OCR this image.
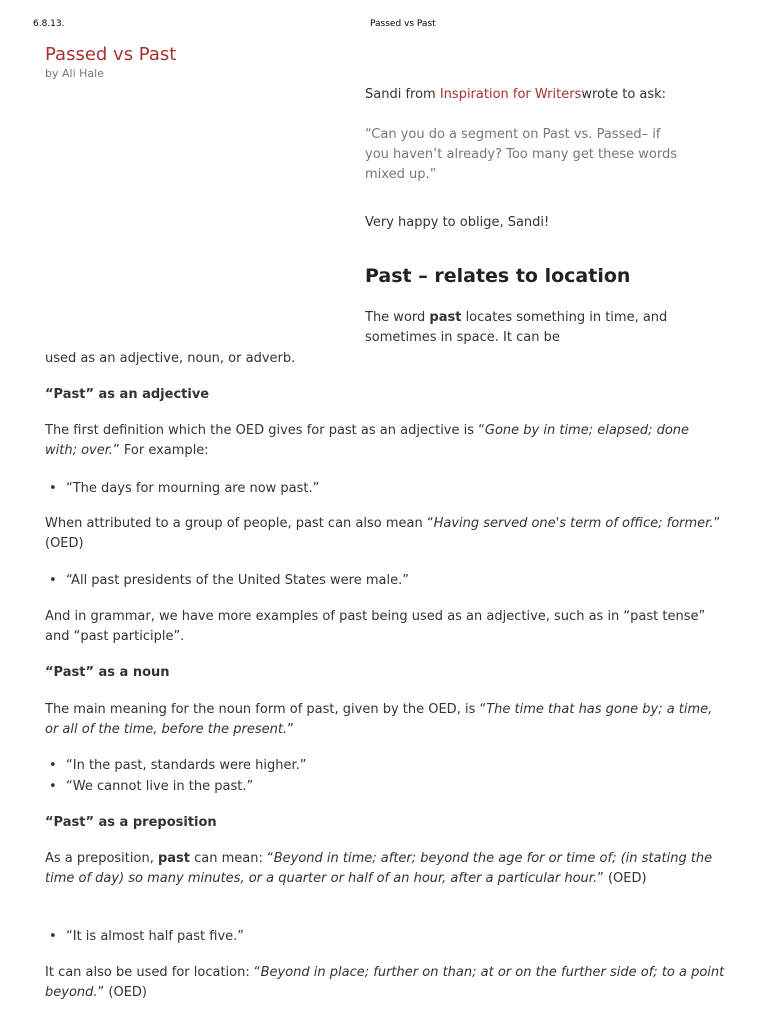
6.8.13.	Passed vs Past
Passed vs Past
by Ali Hale

Sandi from Inspiration for Writerswrote to ask:

“Can you do a segment on Past vs. Passed– if you haven’t already? Too many get these words mixed up.”

Very happy to oblige, Sandi!

Past – relates to location

The word past locates something in time, and sometimes in space. It can be

used as an adjective, noun, or adverb.

“Past” as an adjective

The first definition which the OED gives for past as an adjective is “Gone by in time; elapsed; done with; over.” For example:

• “The days for mourning are now past.”

When attributed to a group of people, past can also mean “Having served one's term of office; former.” (OED)

• “All past presidents of the United States were male.”

And in grammar, we have more examples of past being used as an adjective, such as in “past tense” and “past participle”.

“Past” as a noun

The main meaning for the noun form of past, given by the OED, is “The time that has gone by; a time, or all of the time, before the present.”

• “In the past, standards were higher.”
• “We cannot live in the past.”

“Past” as a preposition

As a preposition, past can mean: “Beyond in time; after; beyond the age for or time of; (in stating the time of day) so many minutes, or a quarter or half of an hour, after a particular hour.” (OED)

• “It is almost half past five.”

It can also be used for location: “Beyond in place; further on than; at or on the further side of; to a point beyond.” (OED)
